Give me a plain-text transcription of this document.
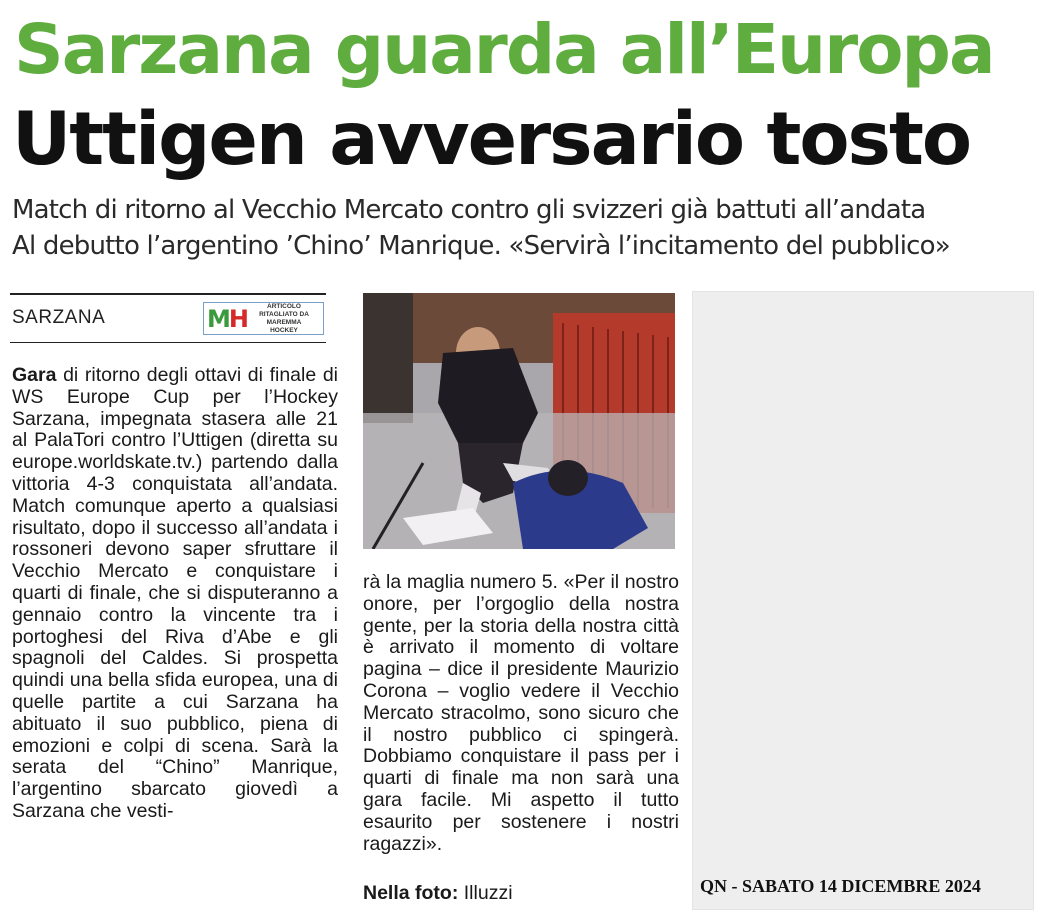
Sarzana guarda all’Europa
Uttigen avversario tosto
Match di ritorno al Vecchio Mercato contro gli svizzeri già battuti all’andata
Al debutto l’argentino ’Chino’ Manrique. «Servirà l’incitamento del pubblico»
SARZANA	MH	ARTICOLO RITAGLIATO DA MAREMMA HOCKEY
Gara di ritorno degli ottavi di finale di WS Europe Cup per l’Hockey Sarzana, impegnata stasera alle 21 al PalaTori contro l’Uttigen (diretta su europe.worldskate.tv.) partendo dalla vittoria 4-3 conquistata all’andata. Match comunque aperto a qualsiasi risultato, dopo il successo all’andata i rossoneri devono saper sfruttare il Vecchio Mercato e conquistare i quarti di finale, che si disputeranno a gennaio contro la vincente tra i portoghesi del Riva d’Abe e gli spagnoli del Caldes. Si prospetta quindi una bella sfida europea, una di quelle partite a cui Sarzana ha abituato il suo pubblico, piena di emozioni e colpi di scena. Sarà la serata del “Chino” Manrique, l’argentino sbarcato giovedì a Sarzana che vesti-
rà la maglia numero 5. «Per il nostro onore, per l’orgoglio della nostra gente, per la storia della nostra città è arrivato il momento di voltare pagina – dice il presidente Maurizio Corona – voglio vedere il Vecchio Mercato stracolmo, sono sicuro che il nostro pubblico ci spingerà. Dobbiamo conquistare il pass per i quarti di finale ma non sarà una gara facile. Mi aspetto il tutto esaurito per sostenere i nostri ragazzi».
Nella foto: Illuzzi	QN - SABATO 14 DICEMBRE 2024
